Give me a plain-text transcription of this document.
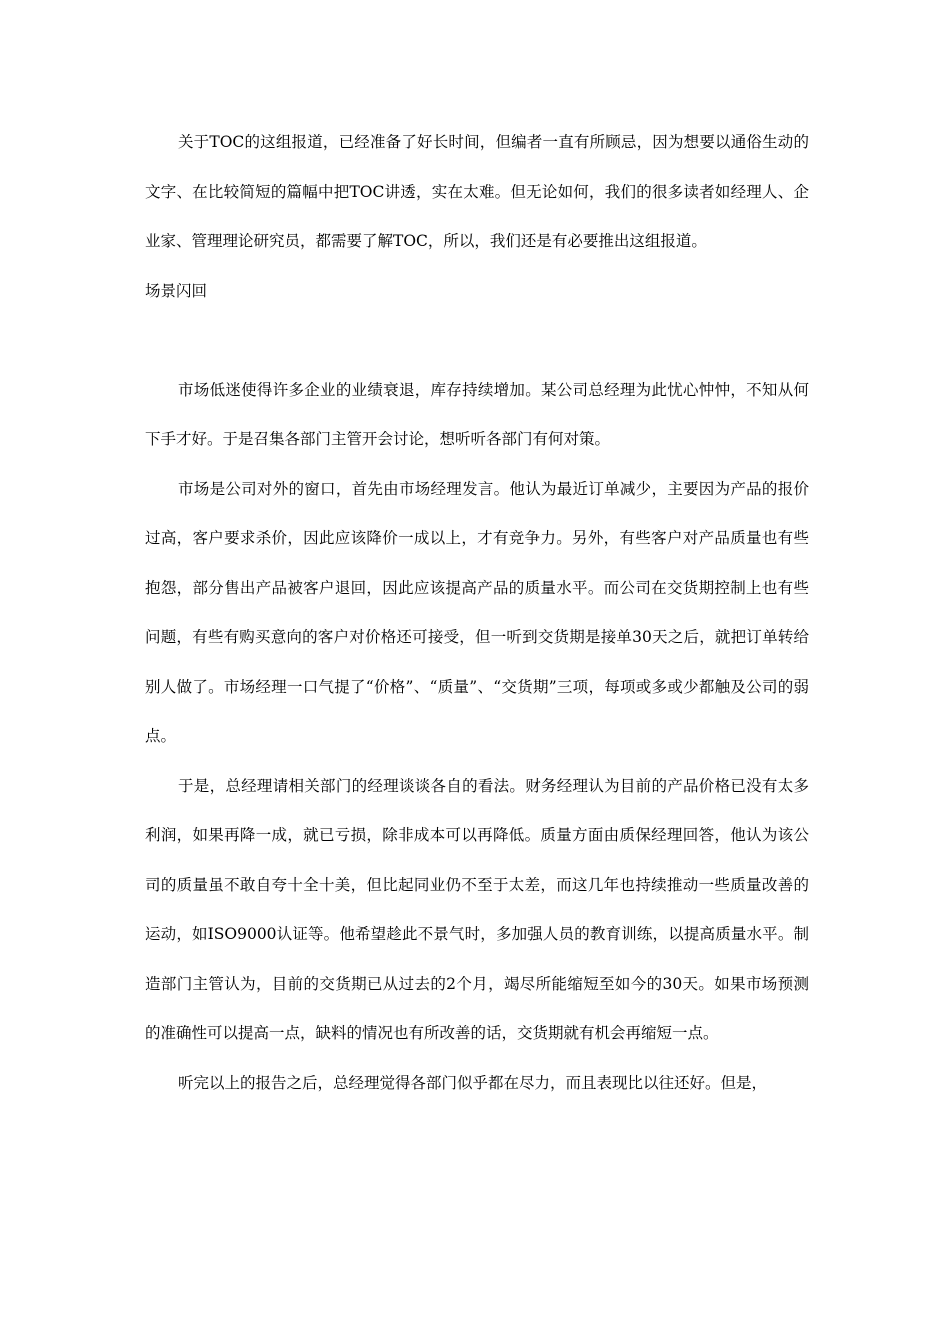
关于TOC的这组报道，已经准备了好长时间，但编者一直有所顾忌，因为想要以通俗生动的文字、在比较简短的篇幅中把TOC讲透，实在太难。但无论如何，我们的很多读者如经理人、企业家、管理理论研究员，都需要了解TOC，所以，我们还是有必要推出这组报道。

场景闪回

市场低迷使得许多企业的业绩衰退，库存持续增加。某公司总经理为此忧心忡忡，不知从何下手才好。于是召集各部门主管开会讨论，想听听各部门有何对策。

市场是公司对外的窗口，首先由市场经理发言。他认为最近订单减少，主要因为产品的报价过高，客户要求杀价，因此应该降价一成以上，才有竞争力。另外，有些客户对产品质量也有些抱怨，部分售出产品被客户退回，因此应该提高产品的质量水平。而公司在交货期控制上也有些问题，有些有购买意向的客户对价格还可接受，但一听到交货期是接单30天之后，就把订单转给别人做了。市场经理一口气提了“价格”、“质量”、“交货期”三项，每项或多或少都触及公司的弱点。

于是，总经理请相关部门的经理谈谈各自的看法。财务经理认为目前的产品价格已没有太多利润，如果再降一成，就已亏损，除非成本可以再降低。质量方面由质保经理回答，他认为该公司的质量虽不敢自夸十全十美，但比起同业仍不至于太差，而这几年也持续推动一些质量改善的运动，如ISO9000认证等。他希望趁此不景气时，多加强人员的教育训练，以提高质量水平。制造部门主管认为，目前的交货期已从过去的2个月，竭尽所能缩短至如今的30天。如果市场预测的准确性可以提高一点，缺料的情况也有所改善的话，交货期就有机会再缩短一点。

听完以上的报告之后，总经理觉得各部门似乎都在尽力，而且表现比以往还好。但是，
